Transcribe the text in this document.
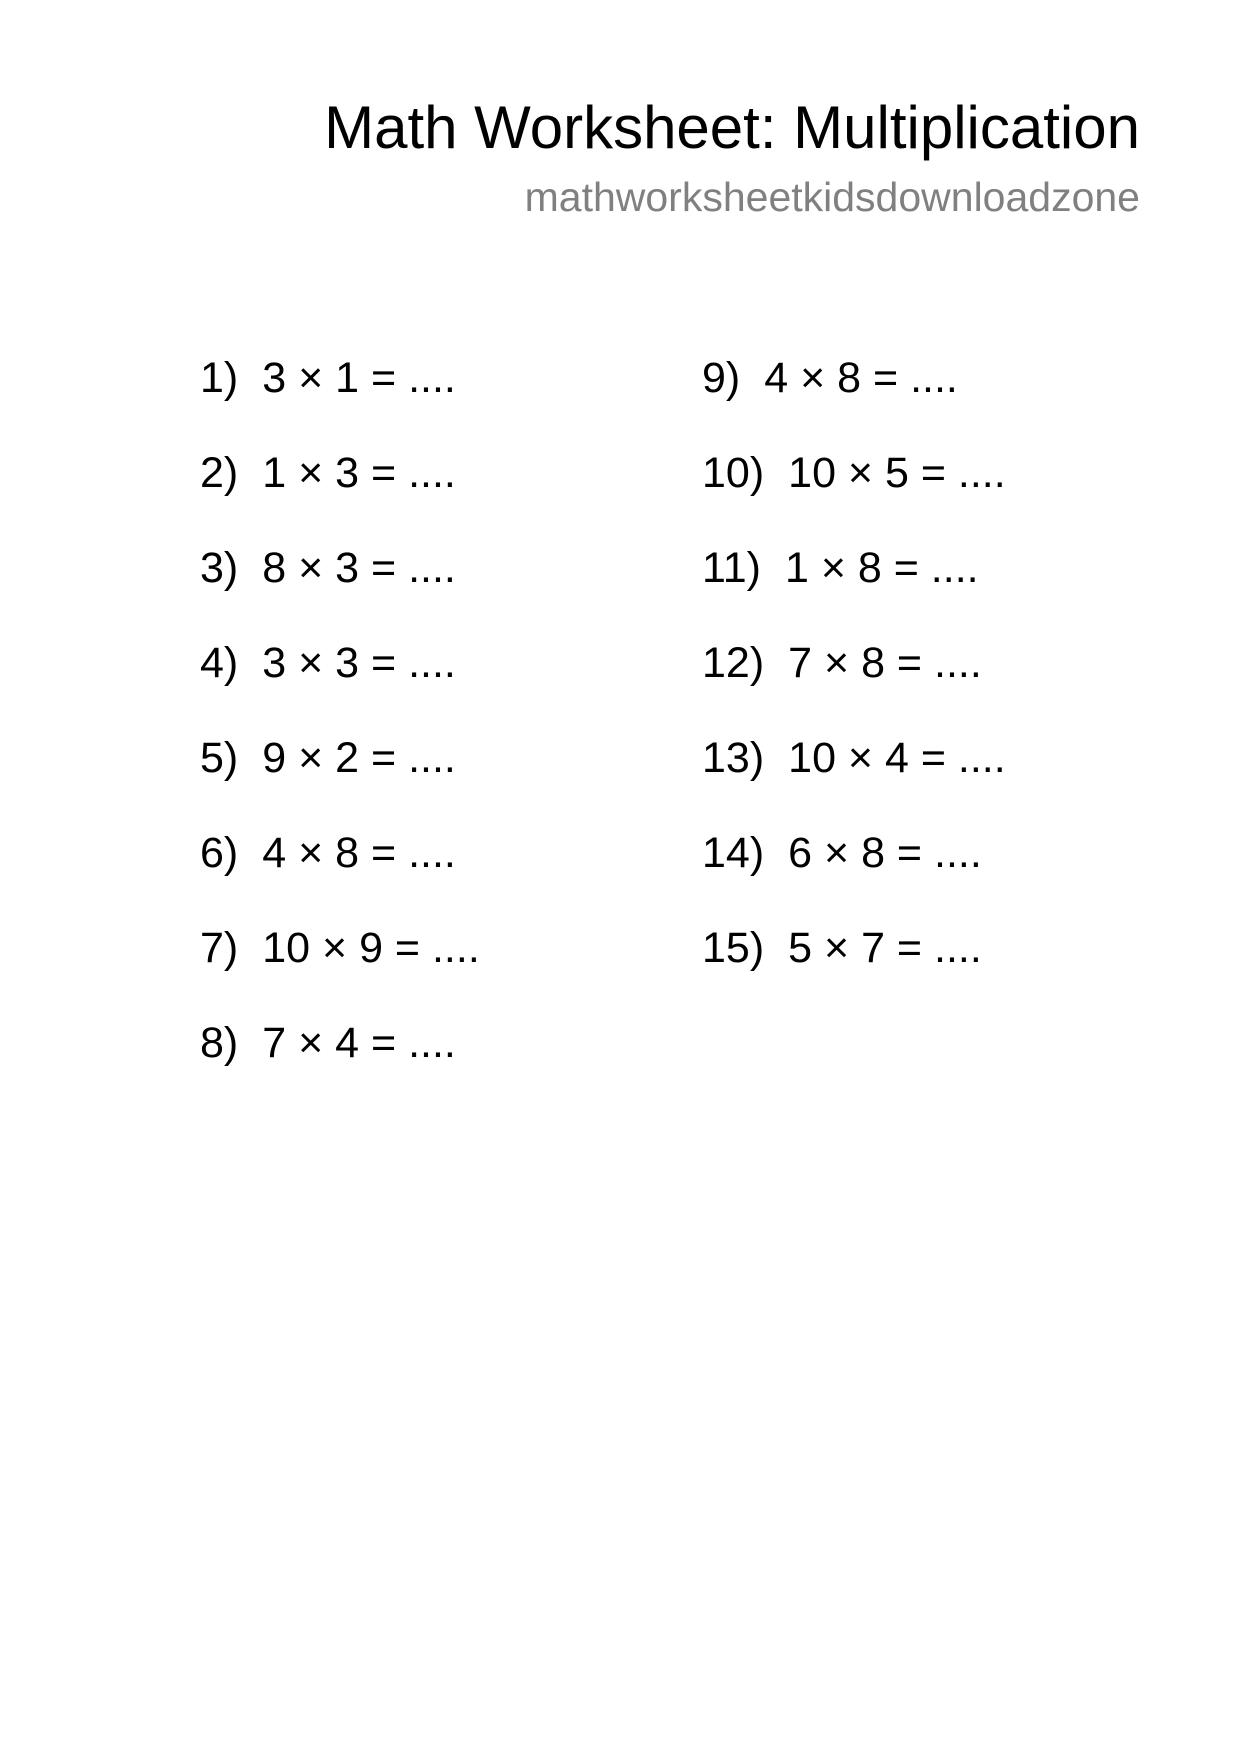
Math Worksheet: Multiplication
mathworksheetkidsdownloadzone
1) 3 × 1 = ....
2) 1 × 3 = ....
3) 8 × 3 = ....
4) 3 × 3 = ....
5) 9 × 2 = ....
6) 4 × 8 = ....
7) 10 × 9 = ....
8) 7 × 4 = ....
9) 4 × 8 = ....
10) 10 × 5 = ....
11) 1 × 8 = ....
12) 7 × 8 = ....
13) 10 × 4 = ....
14) 6 × 8 = ....
15) 5 × 7 = ....
